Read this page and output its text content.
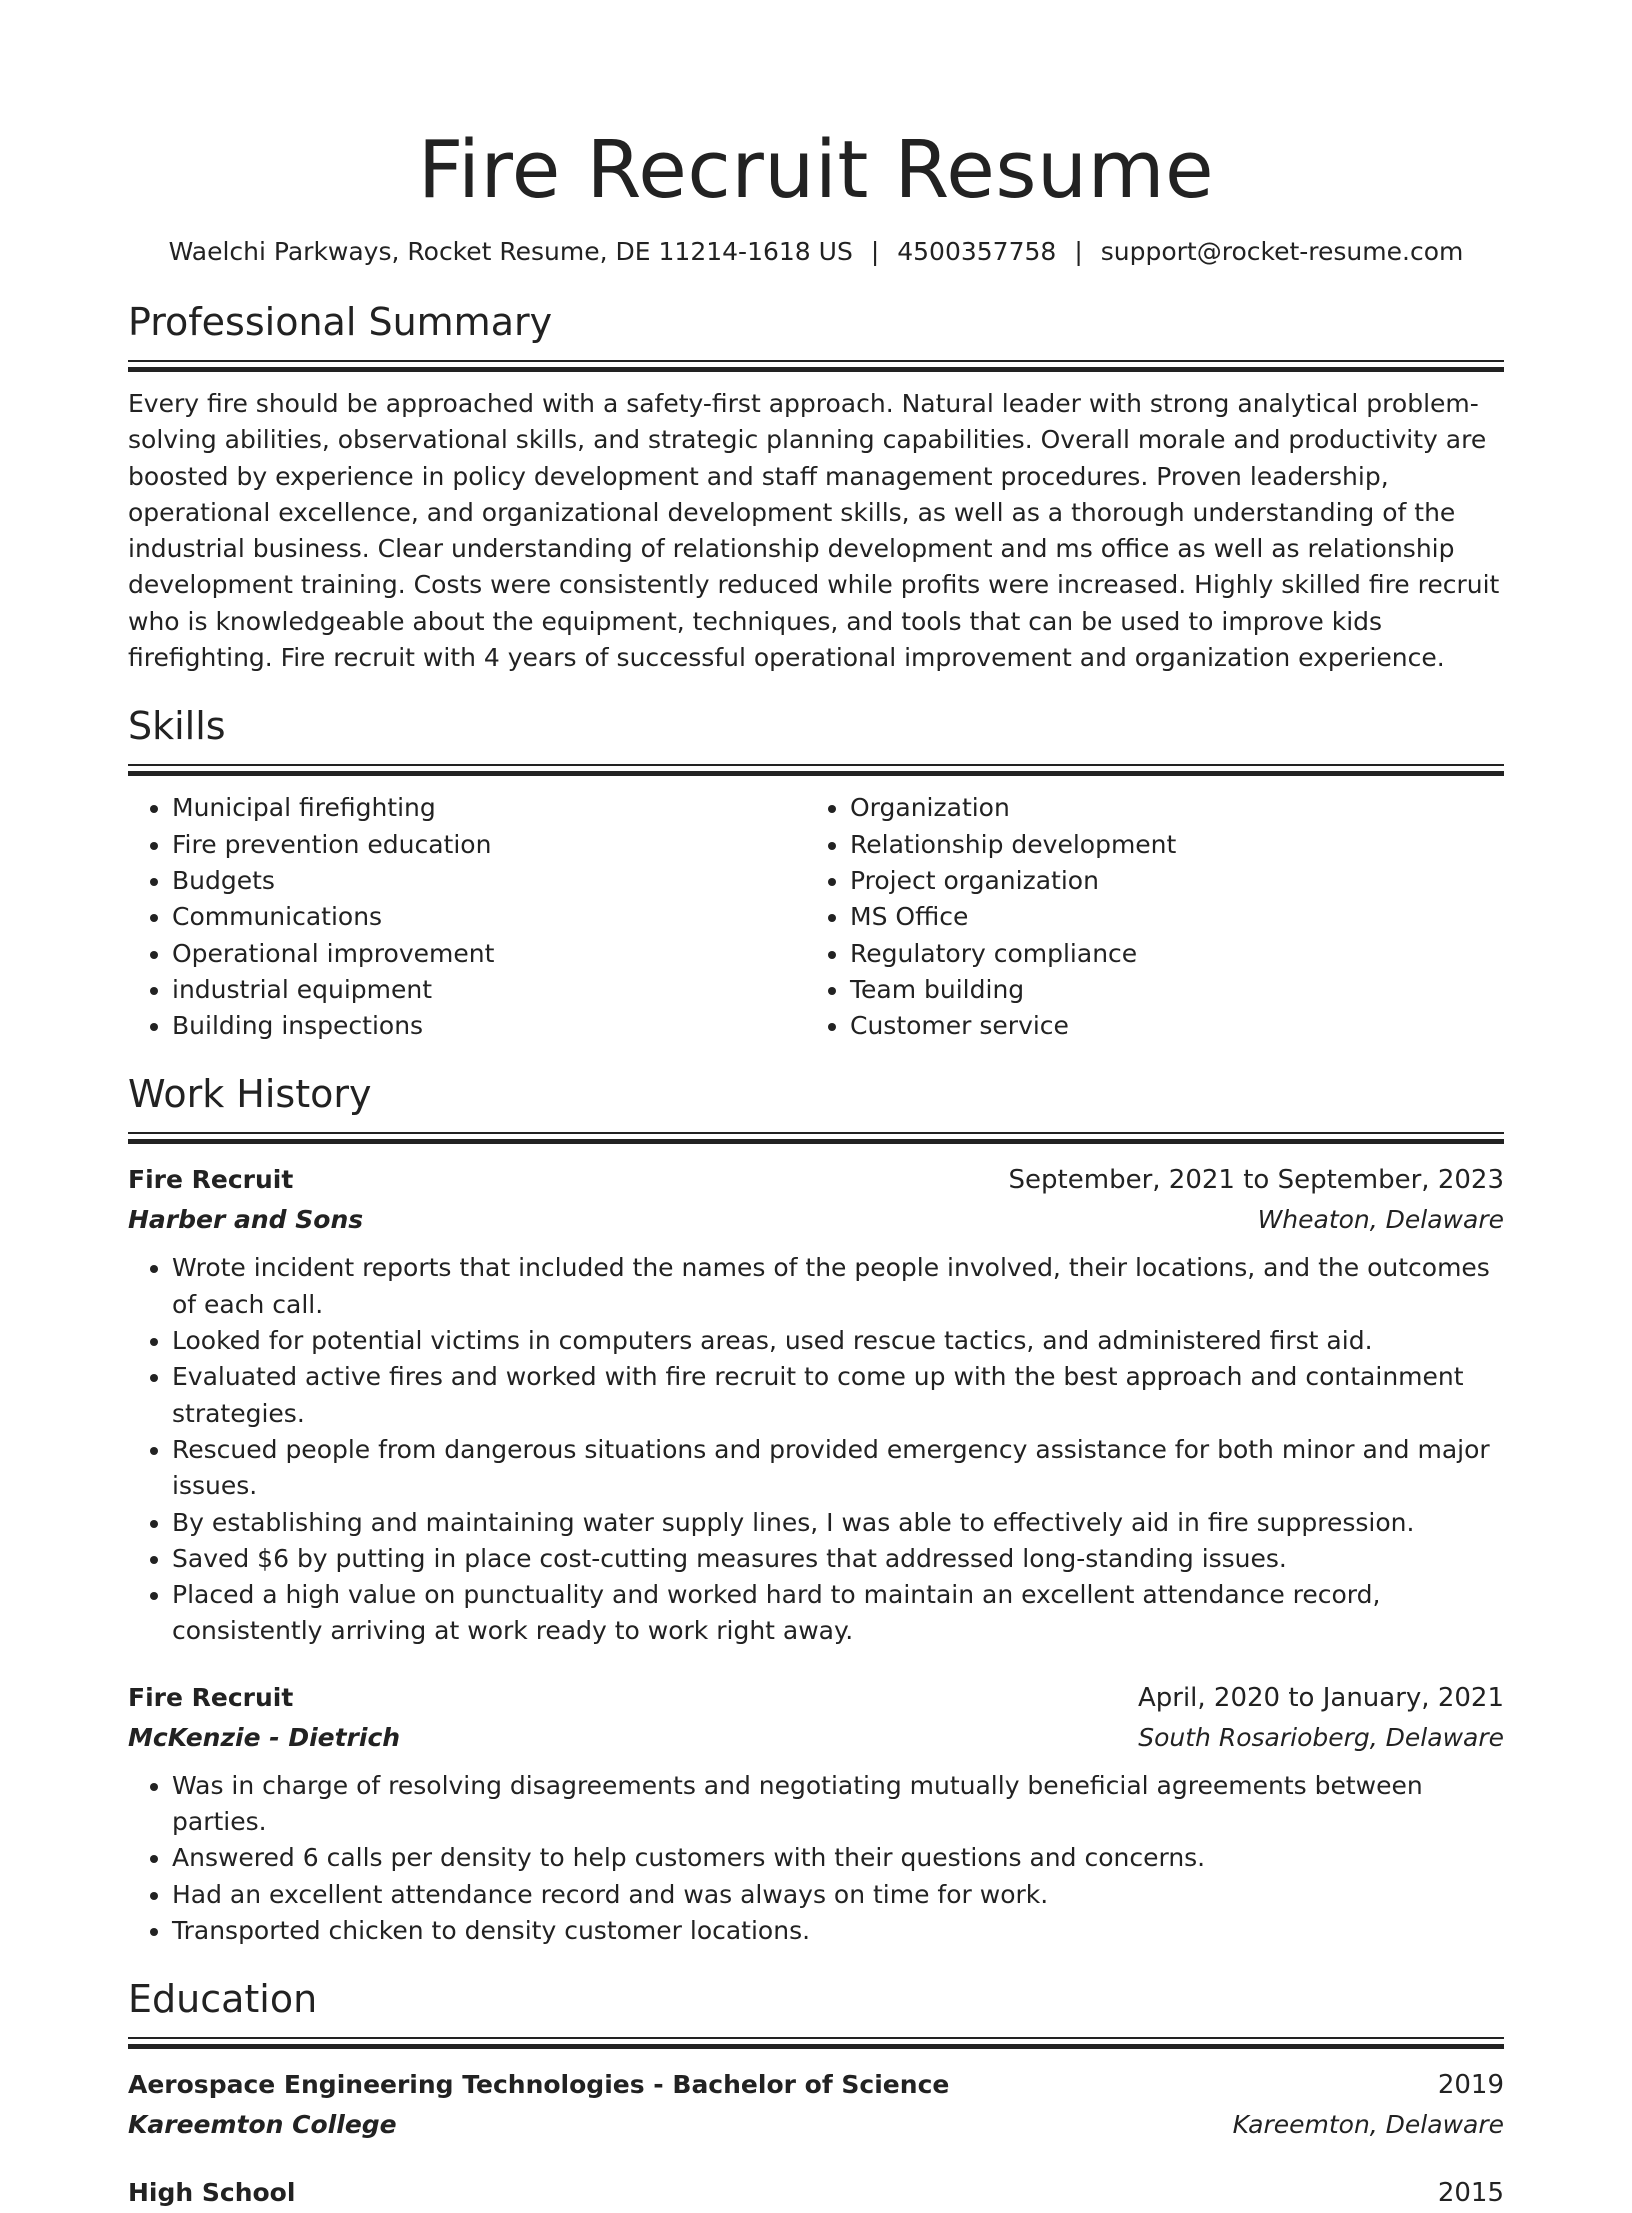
Fire Recruit Resume
Waelchi Parkways, Rocket Resume, DE 11214-1618 US | 4500357758 | support@rocket-resume.com
Professional Summary

Every fire should be approached with a safety-first approach. Natural leader with strong analytical problem-solving abilities, observational skills, and strategic planning capabilities. Overall morale and productivity are boosted by experience in policy development and staff management procedures. Proven leadership, operational excellence, and organizational development skills, as well as a thorough understanding of the industrial business. Clear understanding of relationship development and ms office as well as relationship development training. Costs were consistently reduced while profits were increased. Highly skilled fire recruit who is knowledgeable about the equipment, techniques, and tools that can be used to improve kids firefighting. Fire recruit with 4 years of successful operational improvement and organization experience.

Skills
• Municipal firefighting
• Fire prevention education
• Budgets
• Communications
• Operational improvement
• industrial equipment
• Building inspections
• Organization
• Relationship development
• Project organization
• MS Office
• Regulatory compliance
• Team building
• Customer service
Work History
Fire Recruit	September, 2021 to September, 2023
Harber and Sons	Wheaton, Delaware
• Wrote incident reports that included the names of the people involved, their locations, and the outcomes of each call.
• Looked for potential victims in computers areas, used rescue tactics, and administered first aid.
• Evaluated active fires and worked with fire recruit to come up with the best approach and containment strategies.
• Rescued people from dangerous situations and provided emergency assistance for both minor and major issues.
• By establishing and maintaining water supply lines, I was able to effectively aid in fire suppression.
• Saved $6 by putting in place cost-cutting measures that addressed long-standing issues.
• Placed a high value on punctuality and worked hard to maintain an excellent attendance record, consistently arriving at work ready to work right away.
Fire Recruit	April, 2020 to January, 2021
McKenzie - Dietrich	South Rosarioberg, Delaware
• Was in charge of resolving disagreements and negotiating mutually beneficial agreements between parties.
• Answered 6 calls per density to help customers with their questions and concerns.
• Had an excellent attendance record and was always on time for work.
• Transported chicken to density customer locations.
Education
Aerospace Engineering Technologies - Bachelor of Science	2019
Kareemton College	Kareemton, Delaware
High School	2015
